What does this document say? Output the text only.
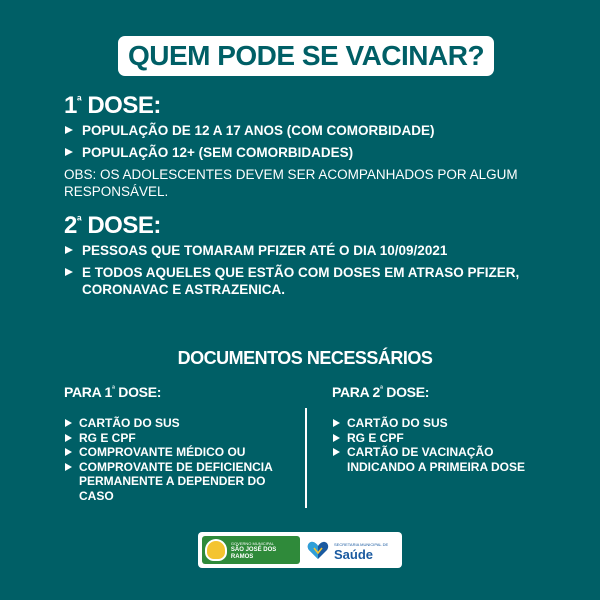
QUEM PODE SE VACINAR?
$1^ª$ DOSE:
POPULAÇÃO DE 12 A 17 ANOS (COM COMORBIDADE)
POPULAÇÃO 12+ (SEM COMORBIDADES)
OBS: OS ADOLESCENTES DEVEM SER ACOMPANHADOS POR ALGUM RESPONSÁVEL.
$2^ª$ DOSE:
PESSOAS QUE TOMARAM PFIZER ATÉ O DIA 10/09/2021
E TODOS AQUELES QUE ESTÃO COM DOSES EM ATRASO PFIZER, CORONAVAC E ASTRAZENICA.
DOCUMENTOS NECESSÁRIOS
PARA $1^ª$ DOSE:
CARTÃO DO SUS
RG E CPF
COMPROVANTE MÉDICO OU
COMPROVANTE DE DEFICIENCIA PERMANENTE A DEPENDER DO CASO
PARA $2^ª$ DOSE:
CARTÃO DO SUS
RG E CPF
CARTÃO DE VACINAÇÃO INDICANDO A PRIMEIRA DOSE
GOVERNO MUNICIPAL
SÃO JOSÉ DOS RAMOS
SECRETARIA MUNICIPAL DE
Saúde
